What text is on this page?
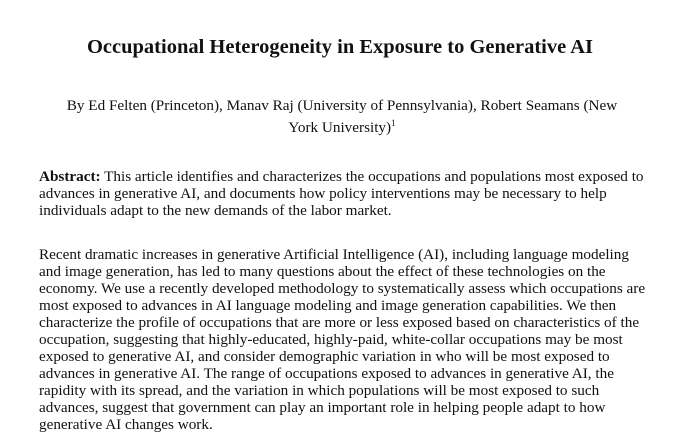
Occupational Heterogeneity in Exposure to Generative AI

By Ed Felten (Princeton), Manav Raj (University of Pennsylvania), Robert Seamans (New York University)$^1$

Abstract: This article identifies and characterizes the occupations and populations most exposed to advances in generative AI, and documents how policy interventions may be necessary to help individuals adapt to the new demands of the labor market.

Recent dramatic increases in generative Artificial Intelligence (AI), including language modeling and image generation, has led to many questions about the effect of these technologies on the economy. We use a recently developed methodology to systematically assess which occupations are most exposed to advances in AI language modeling and image generation capabilities. We then characterize the profile of occupations that are more or less exposed based on characteristics of the occupation, suggesting that highly-educated, highly-paid, white-collar occupations may be most exposed to generative AI, and consider demographic variation in who will be most exposed to advances in generative AI. The range of occupations exposed to advances in generative AI, the rapidity with its spread, and the variation in which populations will be most exposed to such advances, suggest that government can play an important role in helping people adapt to how generative AI changes work.
